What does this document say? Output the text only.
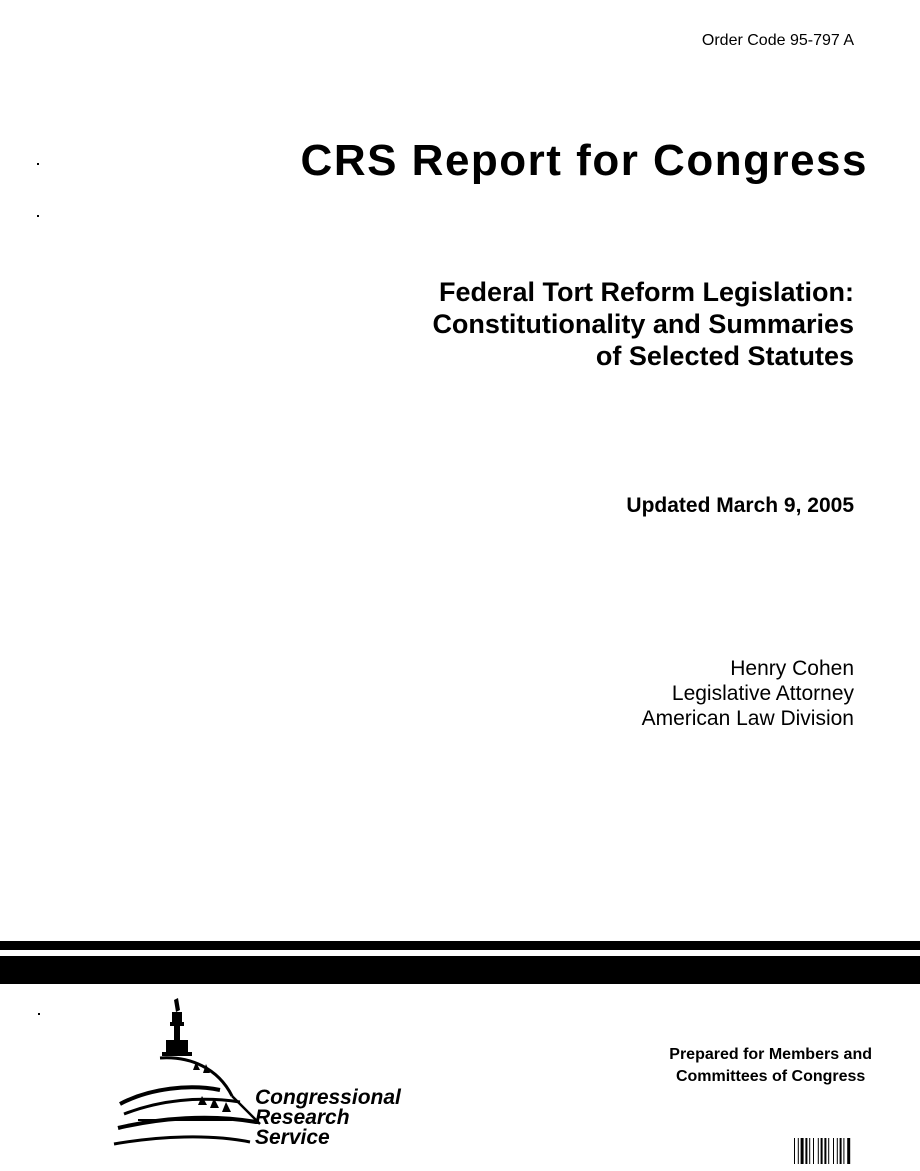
Order Code 95-797 A
CRS Report for Congress
Federal Tort Reform Legislation:
Constitutionality and Summaries
of Selected Statutes
Updated March 9, 2005
Henry Cohen
Legislative Attorney
American Law Division
Congressional
Research
Service
Prepared for Members and
Committees of Congress
